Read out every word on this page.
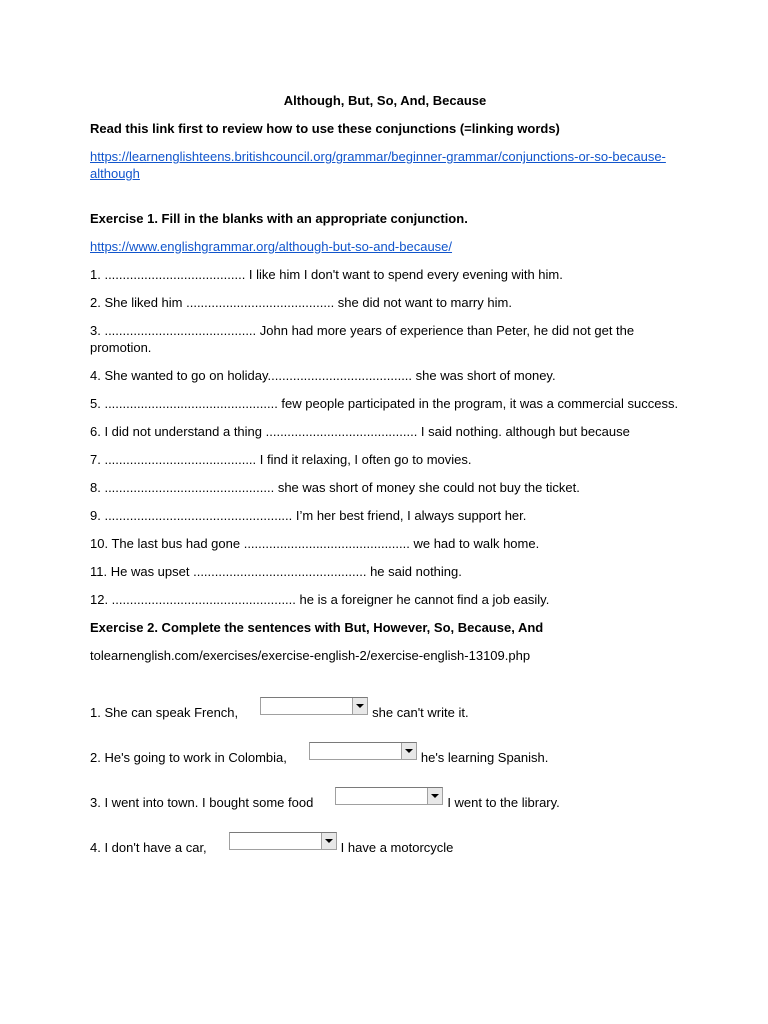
Although, But, So, And, Because
Read this link first to review how to use these conjunctions (=linking words)
https://learnenglishteens.britishcouncil.org/grammar/beginner-grammar/conjunctions-or-so-because-although
Exercise 1. Fill in the blanks with an appropriate conjunction.
https://www.englishgrammar.org/although-but-so-and-because/
1. ....................................... I like him I don't want to spend every evening with him.
2. She liked him ......................................... she did not want to marry him.
3. .......................................... John had more years of experience than Peter, he did not get the promotion.
4. She wanted to go on holiday........................................ she was short of money.
5. ................................................ few people participated in the program, it was a commercial success.
6. I did not understand a thing .......................................... I said nothing. although but because
7. .......................................... I find it relaxing, I often go to movies.
8. ............................................... she was short of money she could not buy the ticket.
9. .................................................... I’m her best friend, I always support her.
10. The last bus had gone .............................................. we had to walk home.
11. He was upset ................................................ he said nothing.
12. ................................................... he is a foreigner he cannot find a job easily.
Exercise 2. Complete the sentences with But, However, So, Because, And
tolearnenglish.com/exercises/exercise-english-2/exercise-english-13109.php
1. She can speak French,	she can't write it.
2. He's going to work in Colombia,	he's learning Spanish.
3. I went into town. I bought some food	I went to the library.
4. I don't have a car,	I have a motorcycle
